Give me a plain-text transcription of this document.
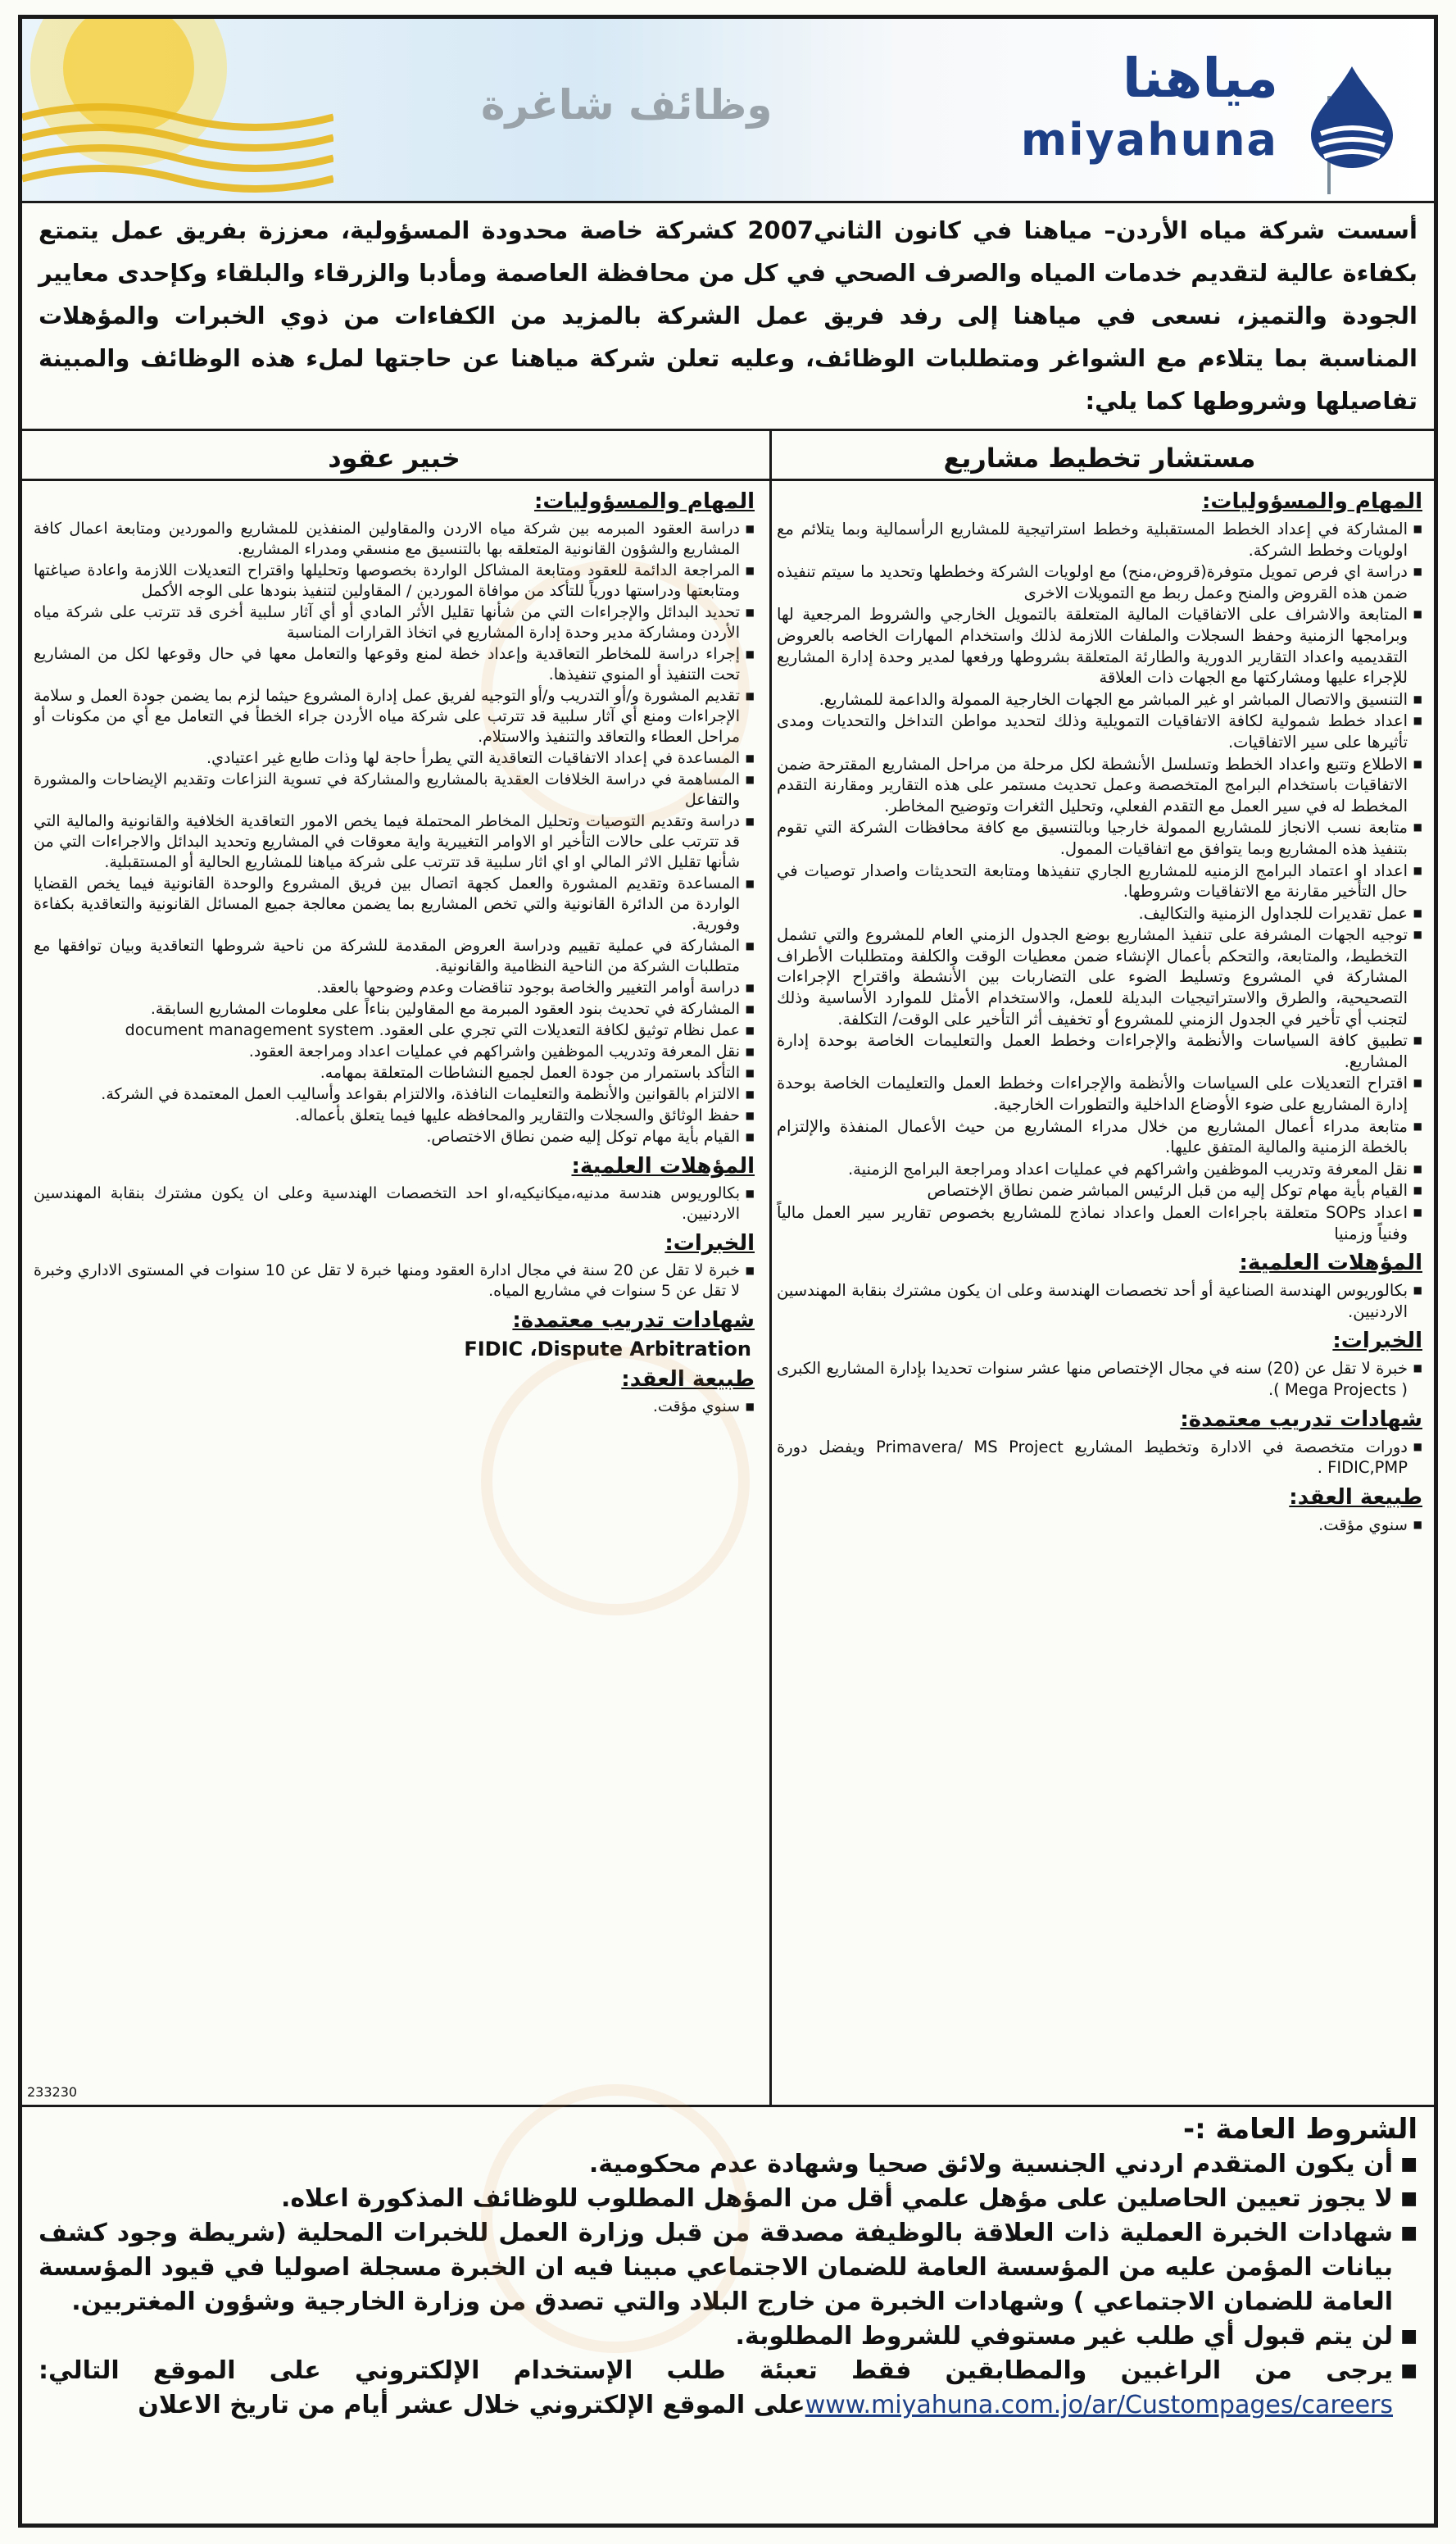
وظائف شاغرة	مياهنا
miyahuna
أسست شركة مياه الأردن– مياهنا في كانون الثاني2007 كشركة خاصة محدودة المسؤولية، معززة بفريق عمل يتمتع بكفاءة عالية لتقديم خدمات المياه والصرف الصحي في كل من محافظة العاصمة ومأدبا والزرقاء والبلقاء وكإحدى معايير الجودة والتميز، نسعى في مياهنا إلى رفد فريق عمل الشركة بالمزيد من الكفاءات من ذوي الخبرات والمؤهلات المناسبة بما يتلاءم مع الشواغر ومتطلبات الوظائف، وعليه تعلن شركة مياهنا عن حاجتها لملء هذه الوظائف والمبينة تفاصيلها وشروطها كما يلي:
مستشار تخطيط مشاريع
المهام والمسؤوليات:
■ المشاركة في إعداد الخطط المستقبلية وخطط استراتيجية للمشاريع الرأسمالية وبما يتلائم مع اولويات وخطط الشركة.
■ دراسة اي فرص تمويل متوفرة(قروض،منح) مع اولويات الشركة وخططها وتحديد ما سيتم تنفيذه ضمن هذه القروض والمنح وعمل ربط مع التمويلات الاخرى
■ المتابعة والاشراف على الاتفاقيات المالية المتعلقة بالتمويل الخارجي والشروط المرجعية لها وبرامجها الزمنية وحفظ السجلات والملفات اللازمة لذلك واستخدام المهارات الخاصه بالعروض التقديميه واعداد التقارير الدورية والطارئة المتعلقة بشروطها ورفعها لمدير وحدة إدارة المشاريع للإجراء عليها ومشاركتها مع الجهات ذات العلاقة
■ التنسيق والاتصال المباشر او غير المباشر مع الجهات الخارجية الممولة والداعمة للمشاريع.
■ اعداد خطط شمولية لكافة الاتفاقيات التمويلية وذلك لتحديد مواطن التداخل والتحديات ومدى تأثيرها على سير الاتفاقيات.
■ الاطلاع وتتبع واعداد الخطط وتسلسل الأنشطة لكل مرحلة من مراحل المشاريع المقترحة ضمن الاتفاقيات باستخدام البرامج المتخصصة وعمل تحديث مستمر على هذه التقارير ومقارنة التقدم المخطط له في سير العمل مع التقدم الفعلي، وتحليل الثغرات وتوضيح المخاطر.
■ متابعة نسب الانجاز للمشاريع الممولة خارجيا وبالتنسيق مع كافة محافظات الشركة التي تقوم بتنفيذ هذه المشاريع وبما يتوافق مع اتفاقيات الممول.
■ اعداد او اعتماد البرامج الزمنيه للمشاريع الجاري تنفيذها ومتابعة التحديثات واصدار توصيات في حال التأخير مقارنة مع الاتفاقيات وشروطها.
■ عمل تقديرات للجداول الزمنية والتكاليف.
■ توجيه الجهات المشرفة على تنفيذ المشاريع بوضع الجدول الزمني العام للمشروع والتي تشمل التخطيط، والمتابعة، والتحكم بأعمال الإنشاء ضمن معطيات الوقت والكلفة ومتطلبات الأطراف المشاركة في المشروع وتسليط الضوء على التضاربات بين الأنشطة واقتراح الإجراءات التصحيحية، والطرق والاستراتيجيات البديلة للعمل، والاستخدام الأمثل للموارد الأساسية وذلك لتجنب أي تأخير في الجدول الزمني للمشروع أو تخفيف أثر التأخير على الوقت/ التكلفة.
■ تطبيق كافة السياسات والأنظمة والإجراءات وخطط العمل والتعليمات الخاصة بوحدة إدارة المشاريع.
■ اقتراح التعديلات على السياسات والأنظمة والإجراءات وخطط العمل والتعليمات الخاصة بوحدة إدارة المشاريع على ضوء الأوضاع الداخلية والتطورات الخارجية.
■ متابعة مدراء أعمال المشاريع من خلال مدراء المشاريع من حيث الأعمال المنفذة والإلتزام بالخطة الزمنية والمالية المتفق عليها.
■ نقل المعرفة وتدريب الموظفين واشراكهم في عمليات اعداد ومراجعة البرامج الزمنية.
■ القيام بأية مهام توكل إليه من قبل الرئيس المباشر ضمن نطاق الإختصاص
■ اعداد SOPs متعلقة باجراءات العمل واعداد نماذج للمشاريع بخصوص تقارير سير العمل مالياً وفنياً وزمنيا
المؤهلات العلمية:
■ بكالوريوس الهندسة الصناعية أو أحد تخصصات الهندسة وعلى ان يكون مشترك بنقابة المهندسين الاردنيين.
الخبرات:
■ خبرة لا تقل عن (20) سنه في مجال الإختصاص منها عشر سنوات تحديدا بإدارة المشاريع الكبرى ( Mega Projects ).
شهادات تدريب معتمدة:
■ دورات متخصصة في الادارة وتخطيط المشاريع Primavera/ MS Project ويفضل دورة FIDIC,PMP .
طبيعة العقد:
■ سنوي مؤقت.
خبير عقود
المهام والمسؤوليات:
■ دراسة العقود المبرمه بين شركة مياه الاردن والمقاولين المنفذين للمشاريع والموردين ومتابعة اعمال كافة المشاريع والشؤون القانونية المتعلقه بها بالتنسيق مع منسقي ومدراء المشاريع.
■ المراجعة الدائمة للعقود ومتابعة المشاكل الواردة بخصوصها وتحليلها واقتراح التعديلات اللازمة واعادة صياغتها ومتابعتها ودراستها دورياً للتأكد من موافاة الموردين / المقاولين لتنفيذ بنودها على الوجه الأكمل
■ تحديد البدائل والإجراءات التي من شأنها تقليل الأثر المادي أو أي آثار سلبية أخرى قد تترتب على شركة مياه الأردن ومشاركة مدير وحدة إدارة المشاريع في اتخاذ القرارات المناسبة
■ إجراء دراسة للمخاطر التعاقدية وإعداد خطة لمنع وقوعها والتعامل معها في حال وقوعها لكل من المشاريع تحت التنفيذ أو المنوي تنفيذها.
■ تقديم المشورة و/أو التدريب و/أو التوجيه لفريق عمل إدارة المشروع حيثما لزم بما يضمن جودة العمل و سلامة الإجراءات ومنع أي آثار سلبية قد تترتب على شركة مياه الأردن جراء الخطأ في التعامل مع أي من مكونات أو مراحل العطاء والتعاقد والتنفيذ والاستلام.
■ المساعدة في إعداد الاتفاقيات التعاقدية التي يطرأ حاجة لها وذات طابع غير اعتيادي.
■ المساهمة في دراسة الخلافات العقدية بالمشاريع والمشاركة في تسوية النزاعات وتقديم الإيضاحات والمشورة والتفاعل
■ دراسة وتقديم التوصيات وتحليل المخاطر المحتملة فيما يخص الامور التعاقدية الخلافية والقانونية والمالية التي قد تترتب على حالات التأخير او الاوامر التغييرية واية معوقات في المشاريع وتحديد البدائل والاجراءات التي من شأنها تقليل الاثر المالي او اي اثار سلبية قد تترتب على شركة مياهنا للمشاريع الحالية أو المستقبلية.
■ المساعدة وتقديم المشورة والعمل كجهة اتصال بين فريق المشروع والوحدة القانونية فيما يخص القضايا الواردة من الدائرة القانونية والتي تخص المشاريع بما يضمن معالجة جميع المسائل القانونية والتعاقدية بكفاءة وفورية.
■ المشاركة في عملية تقييم ودراسة العروض المقدمة للشركة من ناحية شروطها التعاقدية وبيان توافقها مع متطلبات الشركة من الناحية النظامية والقانونية.
■ دراسة أوامر التغيير والخاصة بوجود تناقضات وعدم وضوحها بالعقد.
■ المشاركة في تحديث بنود العقود المبرمة مع المقاولين بناءاً على معلومات المشاريع السابقة.
■ عمل نظام توثيق لكافة التعديلات التي تجري على العقود. document management system
■ نقل المعرفة وتدريب الموظفين واشراكهم في عمليات اعداد ومراجعة العقود.
■ التأكد باستمرار من جودة العمل لجميع النشاطات المتعلقة بمهامه.
■ الالتزام بالقوانين والأنظمة والتعليمات النافذة، والالتزام بقواعد وأساليب العمل المعتمدة في الشركة.
■ حفظ الوثائق والسجلات والتقارير والمحافظه عليها فيما يتعلق بأعماله.
■ القيام بأية مهام توكل إليه ضمن نطاق الاختصاص.
المؤهلات العلمية:
■ بكالوريوس هندسة مدنيه،ميكانيكيه،او احد التخصصات الهندسية وعلى ان يكون مشترك بنقابة المهندسين الاردنيين.
الخبرات:
■ خبرة لا تقل عن 20 سنة في مجال ادارة العقود ومنها خبرة لا تقل عن 10 سنوات في المستوى الاداري وخبرة لا تقل عن 5 سنوات في مشاريع المياه.
شهادات تدريب معتمدة:
FIDIC ،Dispute Arbitration
طبيعة العقد:
■ سنوي مؤقت.
233230
الشروط العامة :-
■ أن يكون المتقدم اردني الجنسية ولائق صحيا وشهادة عدم محكومية.
■ لا يجوز تعيين الحاصلين على مؤهل علمي أقل من المؤهل المطلوب للوظائف المذكورة اعلاه.
■ شهادات الخبرة العملية ذات العلاقة بالوظيفة مصدقة من قبل وزارة العمل للخبرات المحلية (شريطة وجود كشف بيانات المؤمن عليه من المؤسسة العامة للضمان الاجتماعي مبينا فيه ان الخبرة مسجلة اصوليا في قيود المؤسسة العامة للضمان الاجتماعي ) وشهادات الخبرة من خارج البلاد والتي تصدق من وزارة الخارجية وشؤون المغتربين.
■ لن يتم قبول أي طلب غير مستوفي للشروط المطلوبة.
■ يرجى من الراغبين والمطابقين فقط تعبئة طلب الإستخدام الإلكتروني على الموقع التالي: www.miyahuna.com.jo/ar/Custompages/careersعلى الموقع الإلكتروني خلال عشر أيام من تاريخ الاعلان
